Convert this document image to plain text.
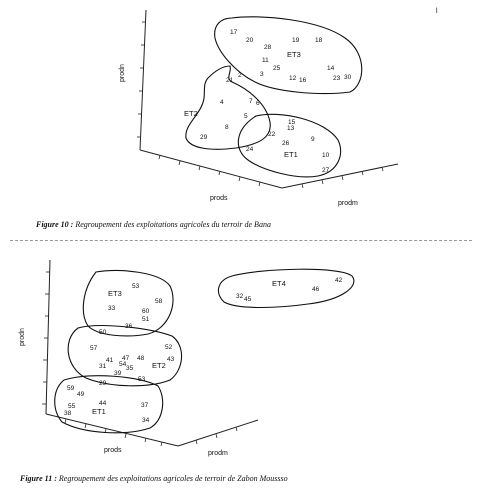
l
prodn
prods
prodm
ET3
17
20
28
19 18
11
25
3
12 16
14
23 30
ET2
21
2
4	7 6
5
8
29
ET1
15
13
22
26
9
24
10
27
Figure 10 : Regroupement des exploitations agricoles du terroir de Bana
prodn
prods	prodm
ET3
53
33
58
60
51
36
ET4	42
32 45
46
ET2
50
57	52
41 47 48	43
31 54
35
39
53
ET1
59
29
49
55	44	37
38
34
Figure 11 : Regroupement des exploitations agricoles de terroir de Zabon Moussso
